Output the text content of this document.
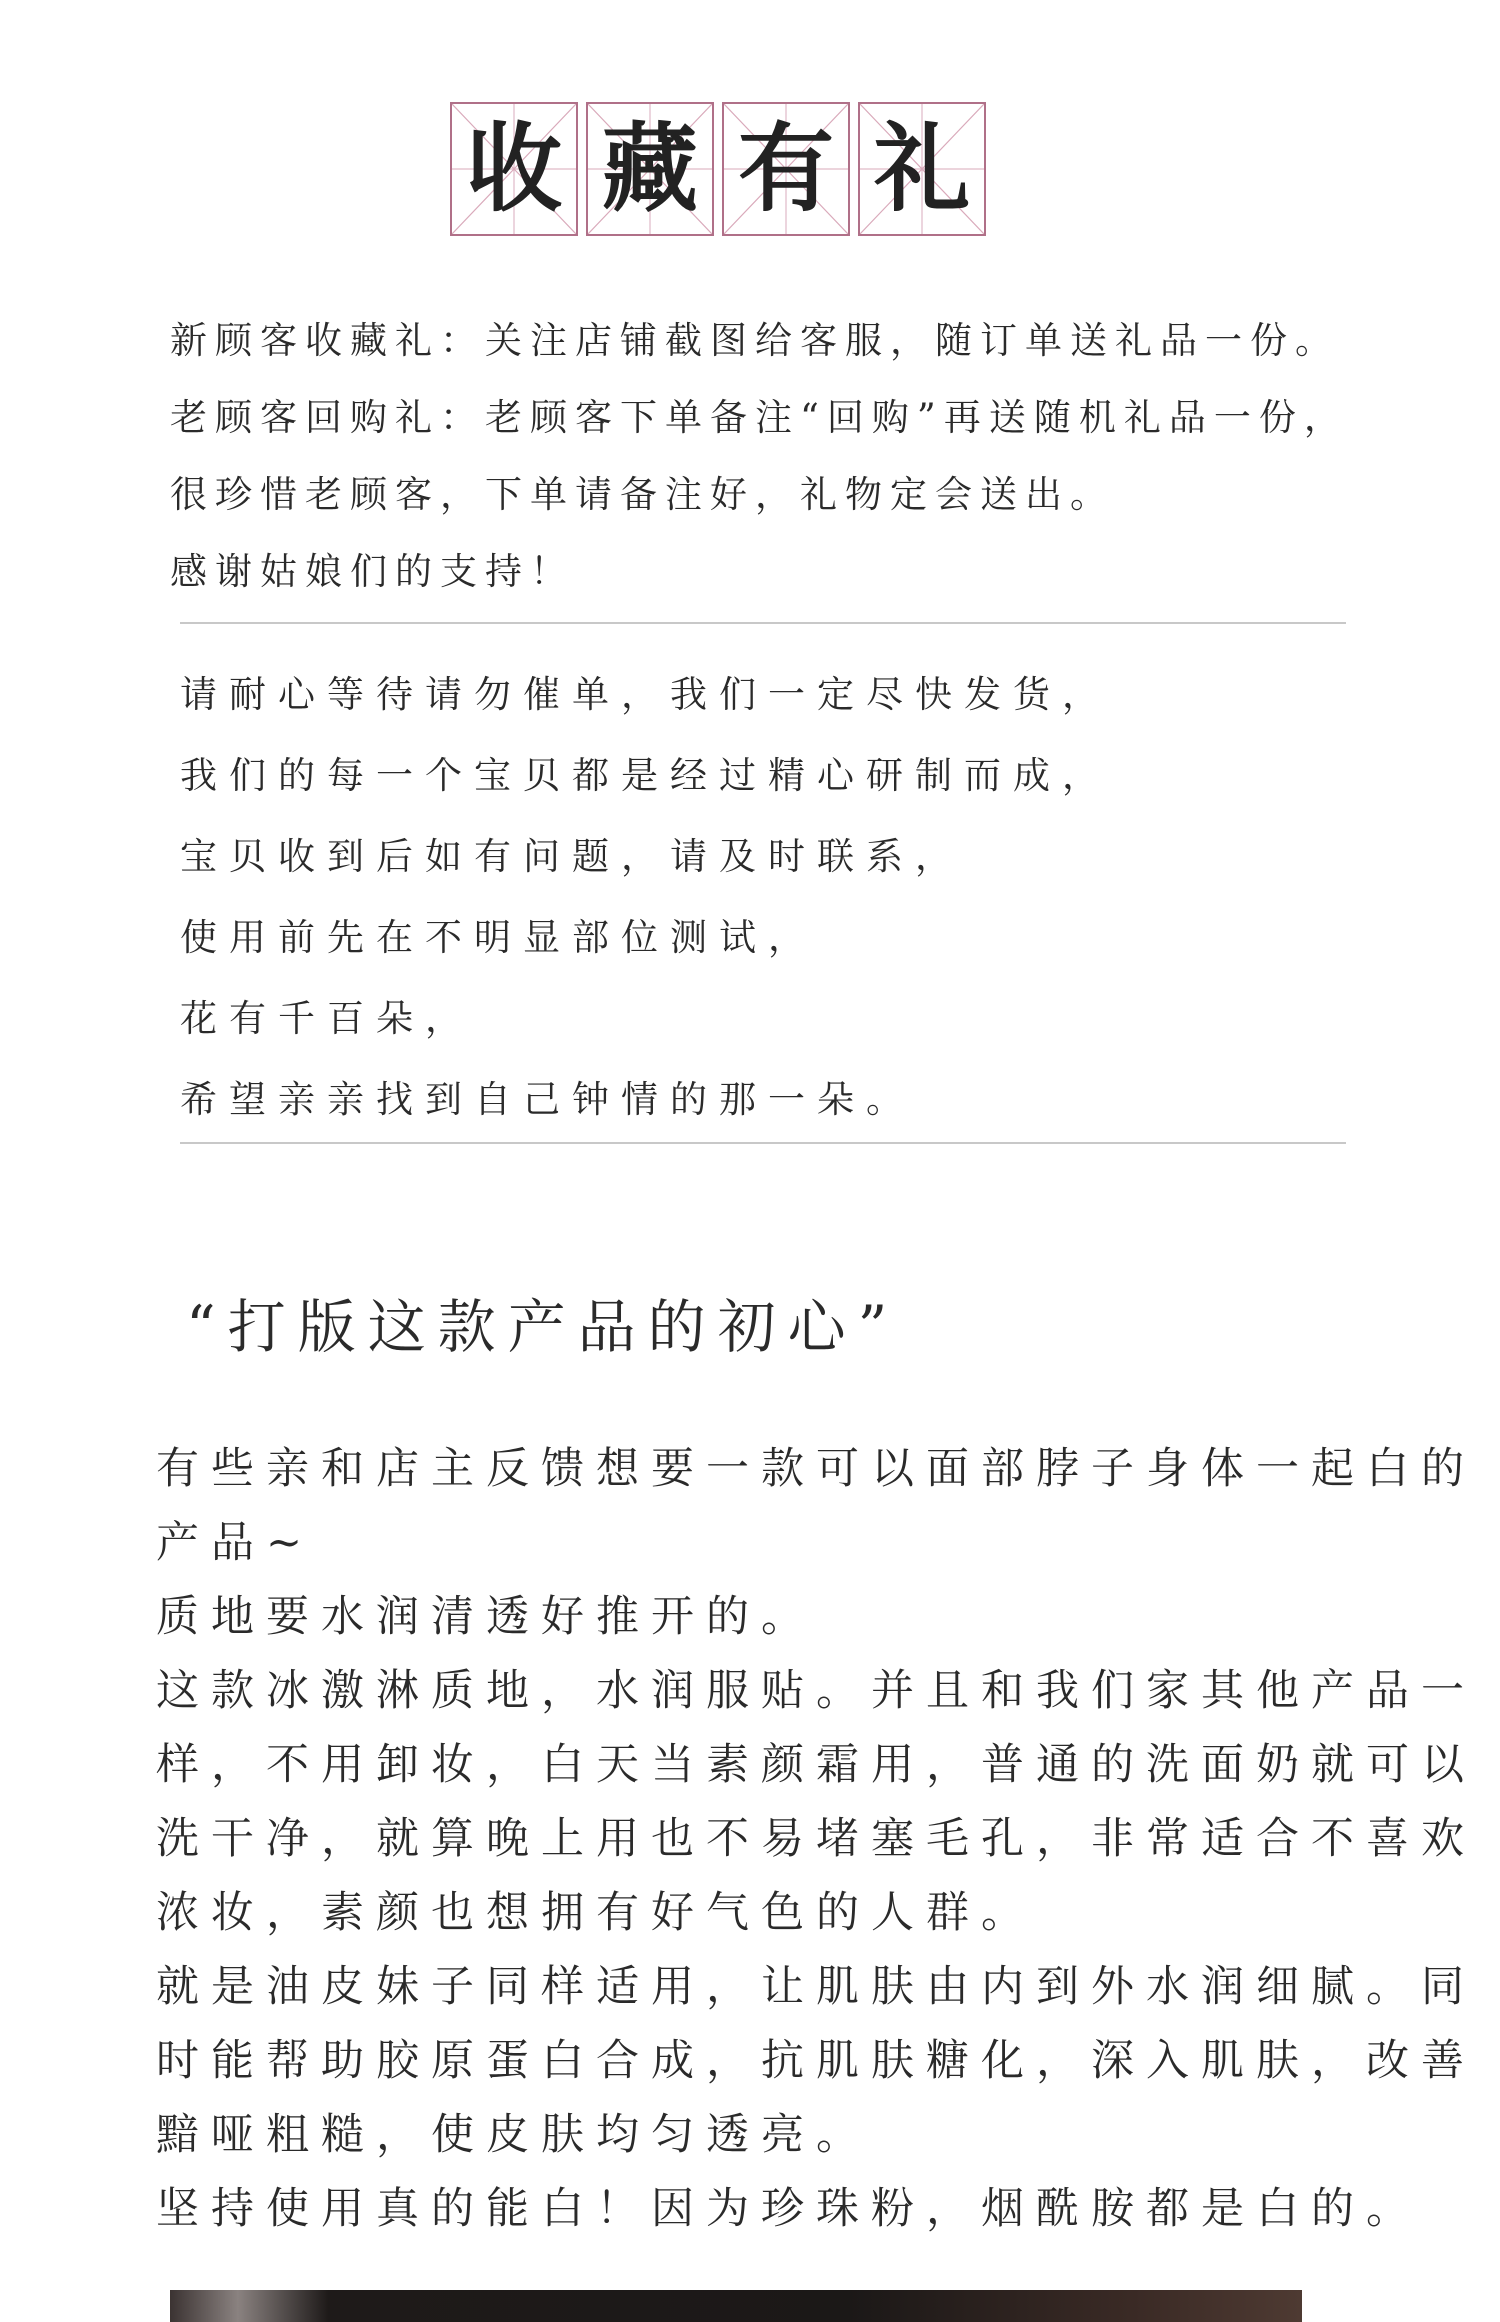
收 藏 有 礼
新顾客收藏礼：关注店铺截图给客服，随订单送礼品一份。
老顾客回购礼：老顾客下单备注“回购”再送随机礼品一份，
很珍惜老顾客，下单请备注好，礼物定会送出。
感谢姑娘们的支持！
请耐心等待请勿催单，我们一定尽快发货，
我们的每一个宝贝都是经过精心研制而成，
宝贝收到后如有问题，请及时联系，
使用前先在不明显部位测试，
花有千百朵，
希望亲亲找到自己钟情的那一朵。
“打版这款产品的初心”
有些亲和店主反馈想要一款可以面部脖子身体一起白的
产品~
质地要水润清透好推开的。
这款冰激淋质地，水润服贴。并且和我们家其他产品一
样，不用卸妆，白天当素颜霜用，普通的洗面奶就可以
洗干净，就算晚上用也不易堵塞毛孔，非常适合不喜欢
浓妆，素颜也想拥有好气色的人群。
就是油皮妹子同样适用，让肌肤由内到外水润细腻。同
时能帮助胶原蛋白合成，抗肌肤糖化，深入肌肤，改善
黯哑粗糙，使皮肤均匀透亮。
坚持使用真的能白！因为珍珠粉，烟酰胺都是白的。
